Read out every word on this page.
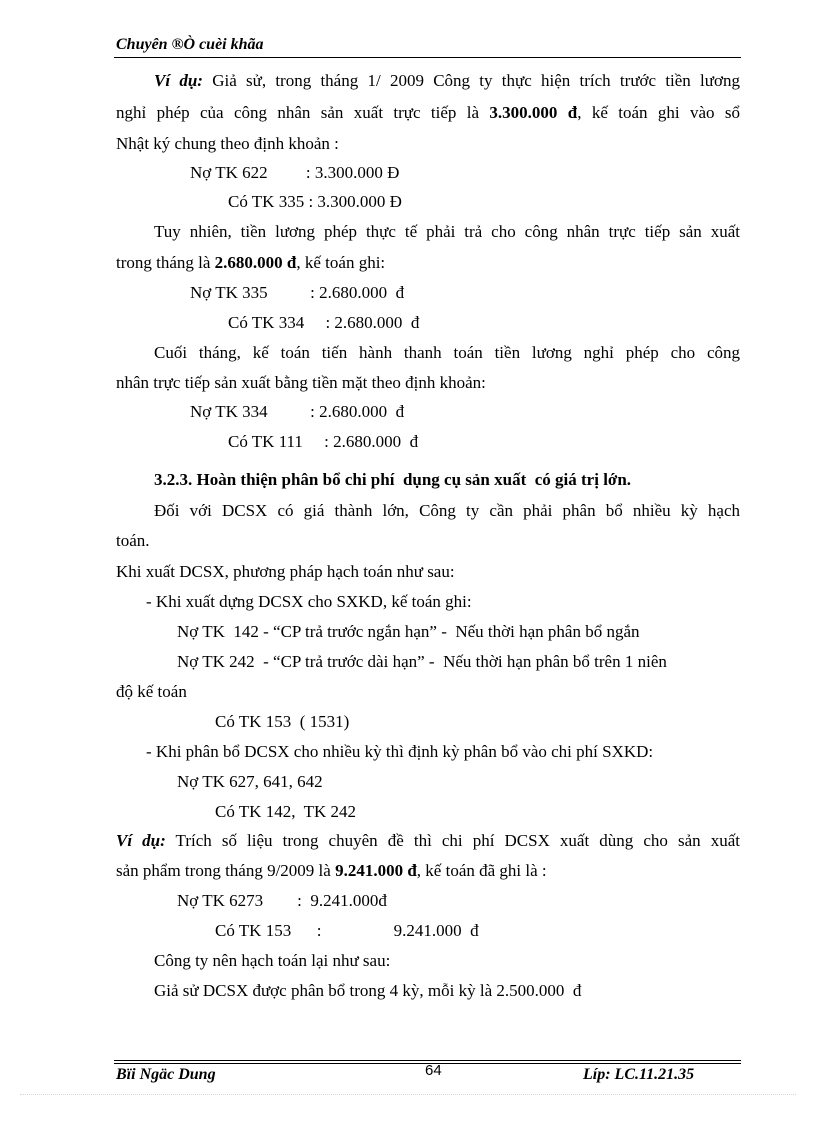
Chuyên ®Ò cuèi khãa
Ví dụ: Giả sử, trong tháng 1/ 2009 Công ty thực hiện trích trước tiền lương
nghỉ phép của công nhân sản xuất trực tiếp là 3.300.000 đ, kế toán ghi vào sổ
Nhật ký chung theo định khoản :
Nợ TK 622         : 3.300.000 Đ
Có TK 335 : 3.300.000 Đ
Tuy nhiên, tiền lương phép thực tế phải trả cho công nhân trực tiếp sản xuất
trong tháng là 2.680.000 đ, kế toán ghi:
Nợ TK 335          : 2.680.000  đ
Có TK 334     : 2.680.000  đ
Cuối tháng, kế toán tiến hành thanh toán tiền lương nghỉ phép cho công
nhân trực tiếp sản xuất bằng tiền mặt theo định khoản:
Nợ TK 334          : 2.680.000  đ
Có TK 111     : 2.680.000  đ
3.2.3. Hoàn thiện phân bổ chi phí  dụng cụ sản xuất  có giá trị lớn.
Đối với DCSX có giá thành lớn, Công ty cần phải phân bổ nhiều kỳ hạch
toán.
Khi xuất DCSX, phương pháp hạch toán như sau:
- Khi xuất dựng DCSX cho SXKD, kế toán ghi:
Nợ TK  142 - “CP trả trước ngắn hạn” -  Nếu thời hạn phân bổ ngắn
Nợ TK 242  - “CP trả trước dài hạn” -  Nếu thời hạn phân bổ trên 1 niên
độ kế toán
Có TK 153  ( 1531)
- Khi phân bổ DCSX cho nhiều kỳ thì định kỳ phân bổ vào chi phí SXKD:
Nợ TK 627, 641, 642
Có TK 142,  TK 242
Ví dụ: Trích số liệu trong chuyên đề thì chi phí DCSX xuất dùng cho sản xuất
sản phẩm trong tháng 9/2009 là 9.241.000 đ, kế toán đã ghi là :
Nợ TK 6273        :  9.241.000đ
Có TK 153      :                 9.241.000  đ
Công ty nên hạch toán lại như sau:
Giả sử DCSX được phân bổ trong 4 kỳ, mỗi kỳ là 2.500.000  đ
Bïi Ngäc Dung	64	Líp: LC.11.21.35
